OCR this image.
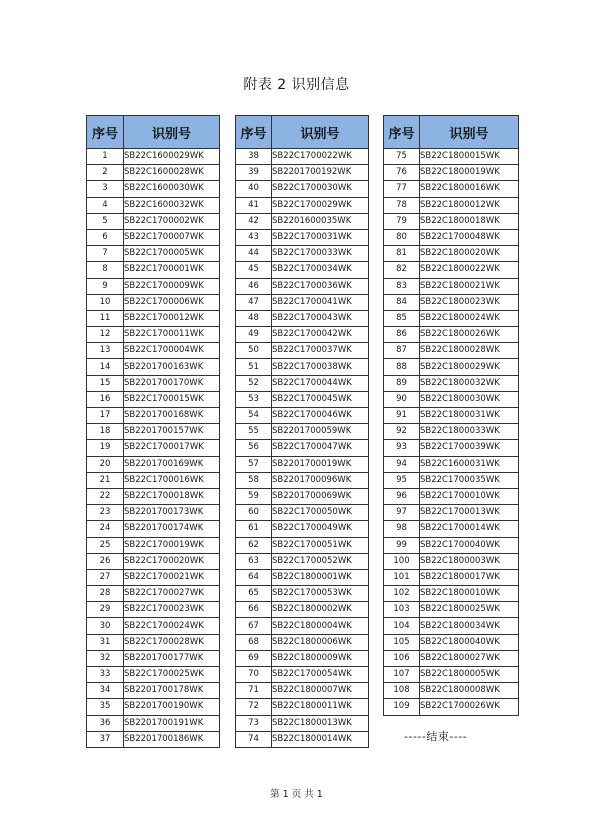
附表 2 识别信息
序号	识别号
1	SB22C1600029WK
2	SB22C1600028WK
3	SB22C1600030WK
4	SB22C1600032WK
5	SB22C1700002WK
6	SB22C1700007WK
7	SB22C1700005WK
8	SB22C1700001WK
9	SB22C1700009WK
10	SB22C1700006WK
11	SB22C1700012WK
12	SB22C1700011WK
13	SB22C1700004WK
14	SB2201700163WK
15	SB2201700170WK
16	SB22C1700015WK
17	SB2201700168WK
18	SB2201700157WK
19	SB22C1700017WK
20	SB2201700169WK
21	SB22C1700016WK
22	SB22C1700018WK
23	SB2201700173WK
24	SB2201700174WK
25	SB22C1700019WK
26	SB22C1700020WK
27	SB22C1700021WK
28	SB22C1700027WK
29	SB22C1700023WK
30	SB22C1700024WK
31	SB22C1700028WK
32	SB2201700177WK
33	SB22C1700025WK
34	SB2201700178WK
35	SB2201700190WK
36	SB2201700191WK
37	SB2201700186WK
序号	识别号
38	SB22C1700022WK
39	SB2201700192WK
40	SB22C1700030WK
41	SB22C1700029WK
42	SB2201600035WK
43	SB22C1700031WK
44	SB22C1700033WK
45	SB22C1700034WK
46	SB22C1700036WK
47	SB22C1700041WK
48	SB22C1700043WK
49	SB22C1700042WK
50	SB22C1700037WK
51	SB22C1700038WK
52	SB22C1700044WK
53	SB22C1700045WK
54	SB22C1700046WK
55	SB2201700059WK
56	SB22C1700047WK
57	SB2201700019WK
58	SB2201700096WK
59	SB2201700069WK
60	SB22C1700050WK
61	SB22C1700049WK
62	SB22C1700051WK
63	SB22C1700052WK
64	SB22C1800001WK
65	SB22C1700053WK
66	SB22C1800002WK
67	SB22C1800004WK
68	SB22C1800006WK
69	SB22C1800009WK
70	SB22C1700054WK
71	SB22C1800007WK
72	SB22C1800011WK
73	SB22C1800013WK
74	SB22C1800014WK
序号	识别号
75	SB22C1800015WK
76	SB22C1800019WK
77	SB22C1800016WK
78	SB22C1800012WK
79	SB22C1800018WK
80	SB22C1700048WK
81	SB22C1800020WK
82	SB22C1800022WK
83	SB22C1800021WK
84	SB22C1800023WK
85	SB22C1800024WK
86	SB22C1800026WK
87	SB22C1800028WK
88	SB22C1800029WK
89	SB22C1800032WK
90	SB22C1800030WK
91	SB22C1800031WK
92	SB22C1800033WK
93	SB22C1700039WK
94	SB22C1600031WK
95	SB22C1700035WK
96	SB22C1700010WK
97	SB22C1700013WK
98	SB22C1700014WK
99	SB22C1700040WK
100	SB22C1800003WK
101	SB22C1800017WK
102	SB22C1800010WK
103	SB22C1800025WK
104	SB22C1800034WK
105	SB22C1800040WK
106	SB22C1800027WK
107	SB22C1800005WK
108	SB22C1800008WK
109	SB22C1700026WK
-----结束----
第 1 页 共 1
